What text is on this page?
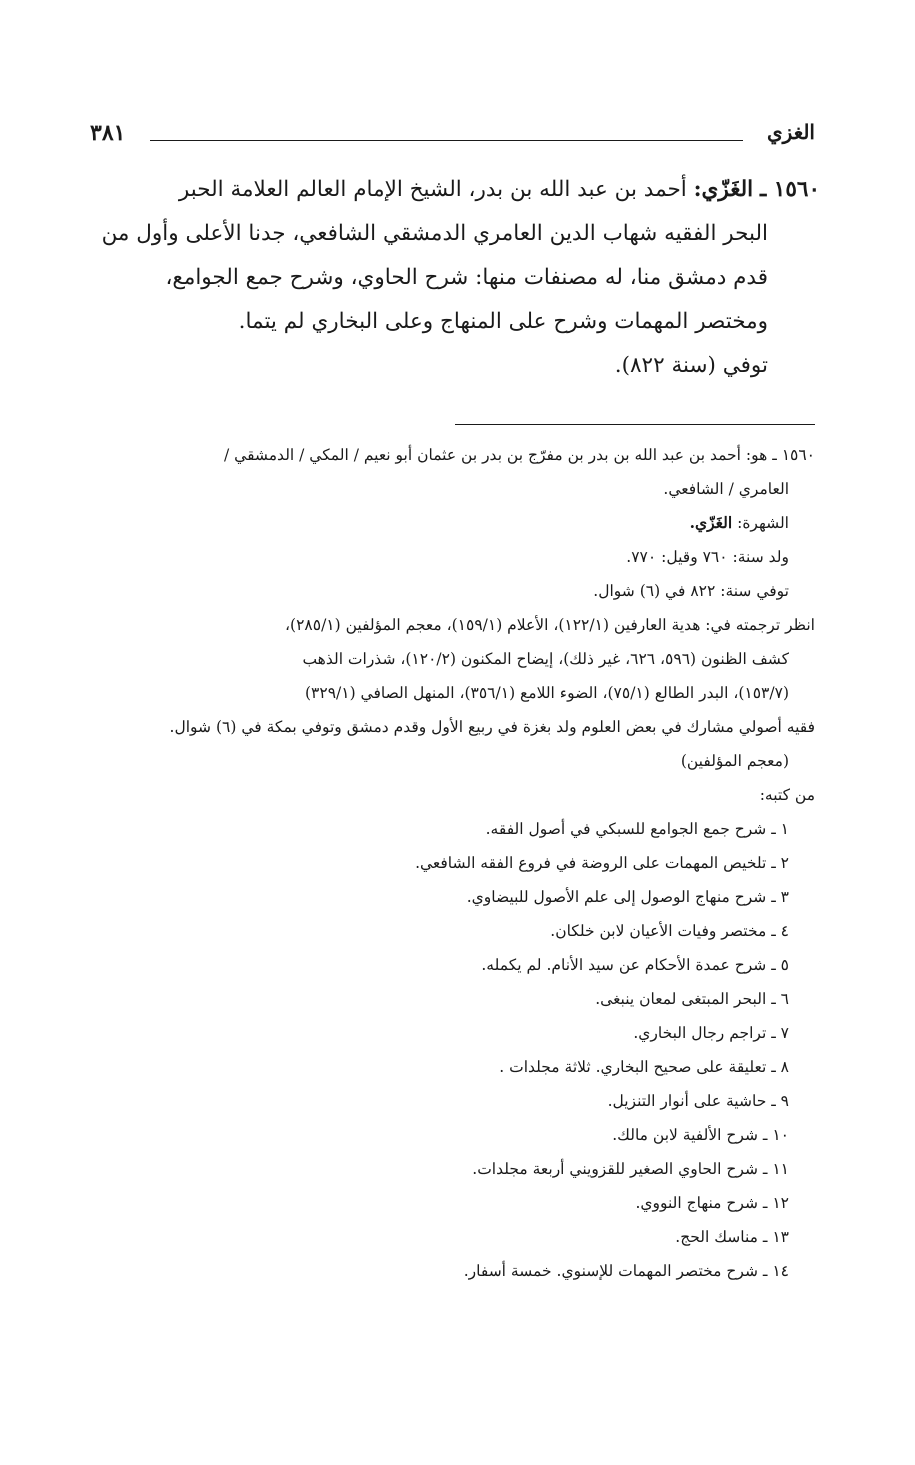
الغزي
٣٨١

١٥٦٠ ـ الغَزّي: أحمد بن عبد الله بن بدر، الشيخ الإمام العالم العلامة الحبر

البحر الفقيه شهاب الدين العامري الدمشقي الشافعي، جدنا الأعلى وأول من

قدم دمشق منا، له مصنفات منها: شرح الحاوي، وشرح جمع الجوامع،

ومختصر المهمات وشرح على المنهاج وعلى البخاري لم يتما.

توفي (سنة ٨٢٢).

١٥٦٠ ـ هو: أحمد بن عبد الله بن بدر بن مفرّج بن بدر بن عثمان أبو نعيم / المكي / الدمشقي /

العامري / الشافعي.

الشهرة: الغَزّي.

ولد سنة: ٧٦٠ وقيل: ٧٧٠.

توفي سنة: ٨٢٢ في (٦) شوال.

انظر ترجمته في: هدية العارفين (١٢٢/١)، الأعلام (١٥٩/١)، معجم المؤلفين (٢٨٥/١)،

كشف الظنون (٥٩٦، ٦٢٦، غير ذلك)، إيضاح المكنون (١٢٠/٢)، شذرات الذهب

(١٥٣/٧)، البدر الطالع (٧٥/١)، الضوء اللامع (٣٥٦/١)، المنهل الصافي (٣٢٩/١)

فقيه أصولي مشارك في بعض العلوم ولد بغزة في ربيع الأول وقدم دمشق وتوفي بمكة في (٦) شوال.

(معجم المؤلفين)

من كتبه:

١ ـ شرح جمع الجوامع للسبكي في أصول الفقه.
٢ ـ تلخيص المهمات على الروضة في فروع الفقه الشافعي.
٣ ـ شرح منهاج الوصول إلى علم الأصول للبيضاوي.
٤ ـ مختصر وفيات الأعيان لابن خلكان.
٥ ـ شرح عمدة الأحكام عن سيد الأنام. لم يكمله.
٦ ـ البحر المبتغى لمعان ينبغى.
٧ ـ تراجم رجال البخاري.
٨ ـ تعليقة على صحيح البخاري. ثلاثة مجلدات .
٩ ـ حاشية على أنوار التنزيل.
١٠ ـ شرح الألفية لابن مالك.
١١ ـ شرح الحاوي الصغير للقزويني أربعة مجلدات.
١٢ ـ شرح منهاج النووي.
١٣ ـ مناسك الحج.
١٤ ـ شرح مختصر المهمات للإسنوي. خمسة أسفار.
